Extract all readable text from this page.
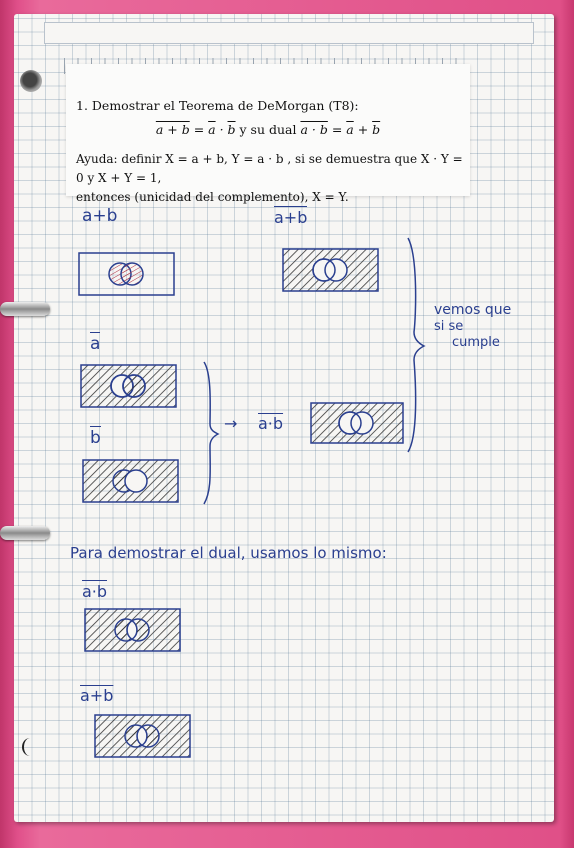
1. Demostrar el Teorema de DeMorgan (T8):
$a + b = \overline{a} \cdot \overline{b}$ y su dual $a \cdot b = \overline{a} + \overline{b}$
Ayuda: definir X = a + b, Y = a · b , si se demuestra que X · Y = 0 y X + Y = 1,
entonces (unicidad del complemento), X = Y.
a+b	a+b
vemos que
si se
cumple
a
b
→ a·b
Para demostrar el dual, usamos lo mismo:
a·b
a+b
